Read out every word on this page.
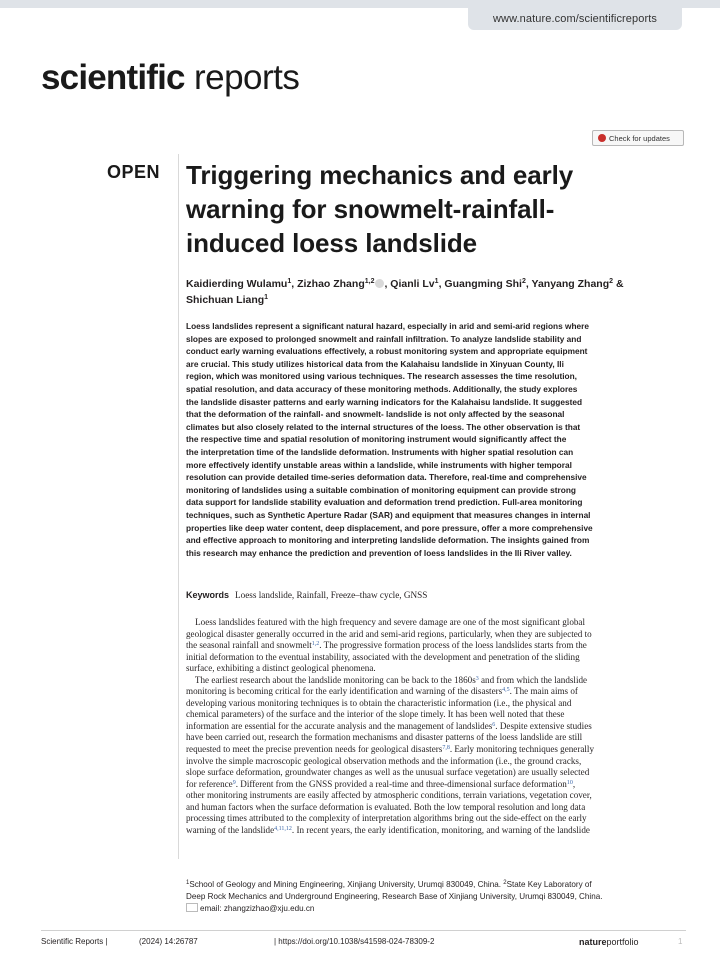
www.nature.com/scientificreports
scientific reports
Check for updates
OPEN Triggering mechanics and early
warning for snowmelt-rainfall-
induced loess landslide
Kaidierding Wulamu$^1$, Zizhao Zhang$^{1,2}$ , Qianli Lv$^1$, Guangming Shi$^2$, Yanyang Zhang$^2$ &
Shichuan Liang$^1$
Loess landslides represent a significant natural hazard, especially in arid and semi-arid regions where
slopes are exposed to prolonged snowmelt and rainfall infiltration. To analyze landslide stability and
conduct early warning evaluations effectively, a robust monitoring system and appropriate equipment
are crucial. This study utilizes historical data from the Kalahaisu landslide in Xinyuan County, Ili
region, which was monitored using various techniques. The research assesses the time resolution,
spatial resolution, and data accuracy of these monitoring methods. Additionally, the study explores
the landslide disaster patterns and early warning indicators for the Kalahaisu landslide. It suggested
that the deformation of the rainfall- and snowmelt- landslide is not only affected by the seasonal
climates but also closely related to the internal structures of the loess. The other observation is that
the respective time and spatial resolution of monitoring instrument would significantly affect the
the interpretation time of the landslide deformation. Instruments with higher spatial resolution can
more effectively identify unstable areas within a landslide, while instruments with higher temporal
resolution can provide detailed time-series deformation data. Therefore, real-time and comprehensive
monitoring of landslides using a suitable combination of monitoring equipment can provide strong
data support for landslide stability evaluation and deformation trend prediction. Full-area monitoring
techniques, such as Synthetic Aperture Radar (SAR) and equipment that measures changes in internal
properties like deep water content, deep displacement, and pore pressure, offer a more comprehensive
and effective approach to monitoring and interpreting landslide deformation. The insights gained from
this research may enhance the prediction and prevention of loess landslides in the Ili River valley.
Keywords Loess landslide, Rainfall, Freeze–thaw cycle, GNSS
Loess landslides featured with the high frequency and severe damage are one of the most significant global
geological disaster generally occurred in the arid and semi-arid regions, particularly, when they are subjected to
the seasonal rainfall and snowmelt$^{1,2}$. The progressive formation process of the loess landslides starts from the
initial deformation to the eventual instability, associated with the development and penetration of the sliding
surface, exhibiting a distinct geological phenomena.
The earliest research about the landslide monitoring can be back to the $1860s^3$ and from which the landslide
monitoring is becoming critical for the early identification and warning of the disasters$^{4,5}$. The main aims of
developing various monitoring techniques is to obtain the characteristic information (i.e., the physical and
chemical parameters) of the surface and the interior of the slope timely. It has been well noted that these
information are essential for the accurate analysis and the management of landslides$^6$. Despite extensive studies
have been carried out, research the formation mechanisms and disaster patterns of the loess landslide are still
requested to meet the precise prevention needs for geological disasters$^{7,8}$. Early monitoring techniques generally
involve the simple macroscopic geological observation methods and the information (i.e., the ground cracks,
slope surface deformation, groundwater changes as well as the unusual surface vegetation) are usually selected
for reference$^9$. Different from the GNSS provided a real-time and three-dimensional surface deformation$^{10}$,
other monitoring instruments are easily affected by atmospheric conditions, terrain variations, vegetation cover,
and human factors when the surface deformation is evaluated. Both the low temporal resolution and long data
processing times attributed to the complexity of interpretation algorithms bring out the side-effect on the early
warning of the landslide$^{4,11,12}$. In recent years, the early identification, monitoring, and warning of the landslide
$^1$School of Geology and Mining Engineering, Xinjiang University, Urumqi 830049, China. $^2$State Key Laboratory of
Deep Rock Mechanics and Underground Engineering, Research Base of Xinjiang University, Urumqi 830049, China.
email: zhangzizhao@xju.edu.cn
Scientific Reports |	(2024) 14:26787	| https://doi.org/10.1038/s41598-024-78309-2	natureportfolio	1
